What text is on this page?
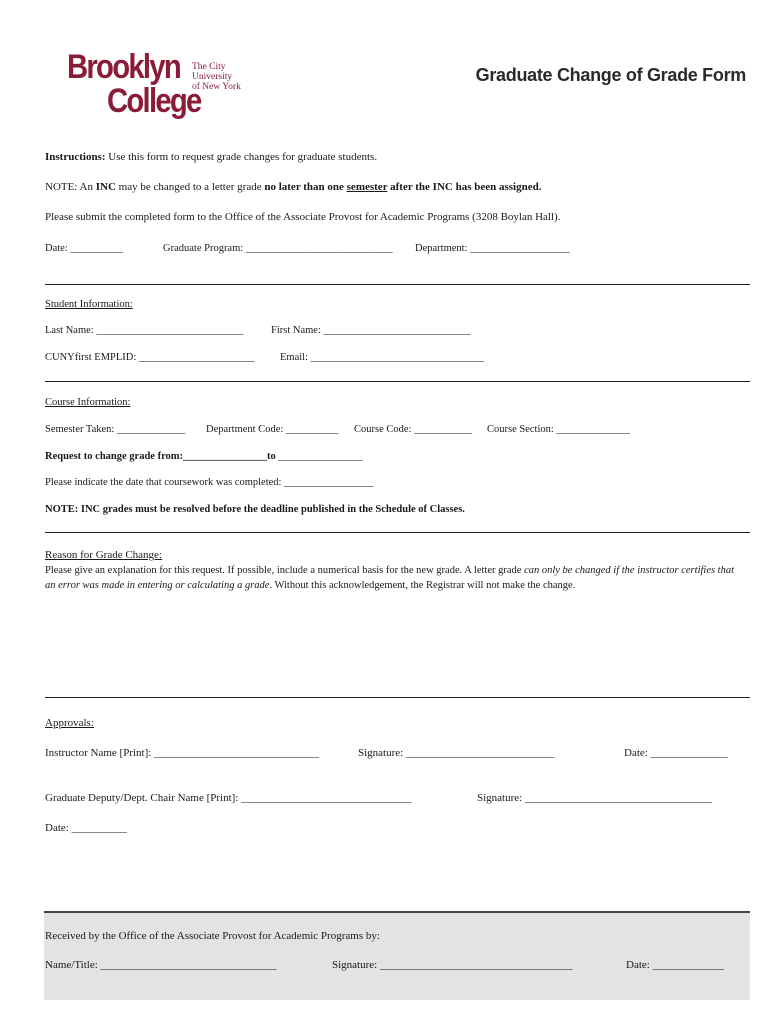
Brooklyn
College
The City
University
of New York
Graduate Change of Grade Form
Instructions: Use this form to request grade changes for graduate students.
NOTE: An INC may be changed to a letter grade no later than one semester after the INC has been assigned.
Please submit the completed form to the Office of the Associate Provost for Academic Programs (3208 Boylan Hall).
Date: __________	Graduate Program: ____________________________ Department: ___________________
Student Information:
Last Name: ____________________________	First Name: ____________________________
CUNYfirst EMPLID: ______________________ Email: _________________________________
Course Information:
Semester Taken: _____________ Department Code: __________ Course Code: ___________ Course Section: ______________
Request to change grade from:________________to ________________
Please indicate the date that coursework was completed: _________________
NOTE: INC grades must be resolved before the deadline published in the Schedule of Classes.
Reason for Grade Change:
Please give an explanation for this request. If possible, include a numerical basis for the new grade. A letter grade can only be changed if the instructor certifies that an error was made in entering or calculating a grade. Without this acknowledgement, the Registrar will not make the change.
Approvals:
Instructor Name [Print]: ______________________________	Signature: ___________________________	Date: ______________
Graduate Deputy/Dept. Chair Name [Print]: _______________________________	Signature: __________________________________
Date: __________
Received by the Office of the Associate Provost for Academic Programs by:
Name/Title: ________________________________	Signature: ___________________________________	Date: _____________
